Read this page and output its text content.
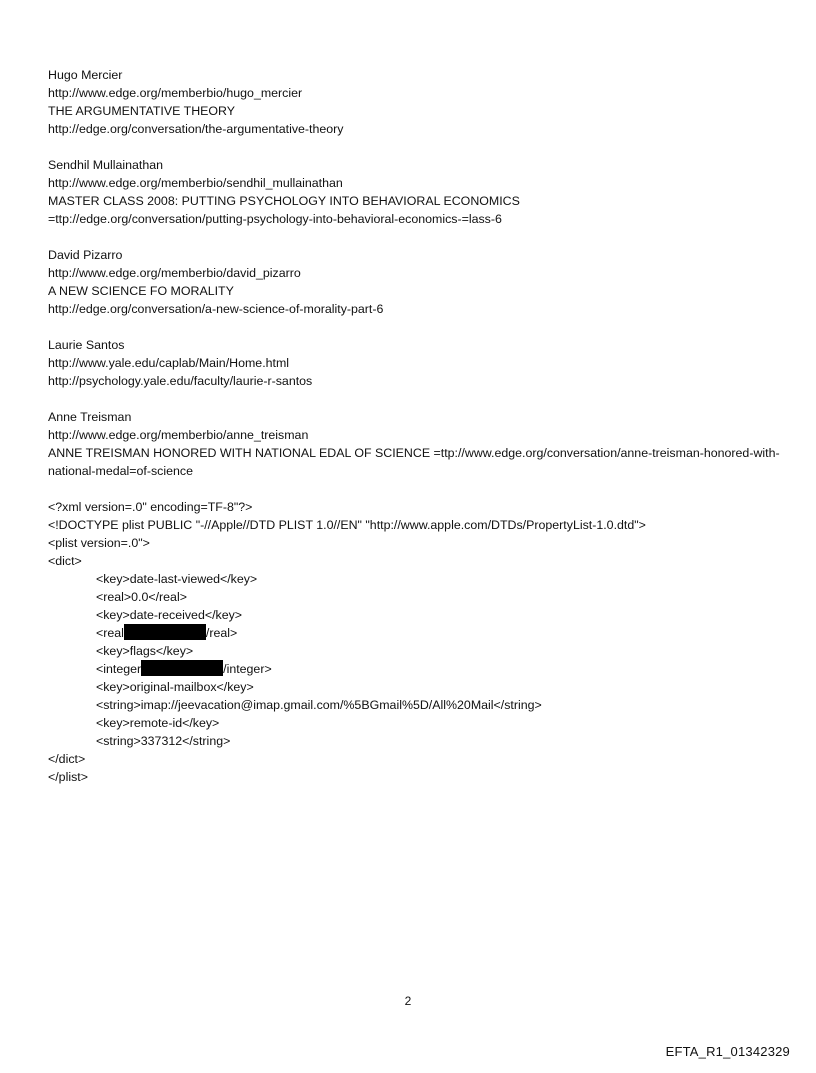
Hugo Mercier
http://www.edge.org/memberbio/hugo_mercier
THE ARGUMENTATIVE THEORY
http://edge.org/conversation/the-argumentative-theory
Sendhil Mullainathan
http://www.edge.org/memberbio/sendhil_mullainathan
MASTER CLASS 2008: PUTTING PSYCHOLOGY INTO BEHAVIORAL ECONOMICS
=ttp://edge.org/conversation/putting-psychology-into-behavioral-economics-=lass-6
David Pizarro
http://www.edge.org/memberbio/david_pizarro
A NEW SCIENCE FO MORALITY
http://edge.org/conversation/a-new-science-of-morality-part-6
Laurie Santos
http://www.yale.edu/caplab/Main/Home.html
http://psychology.yale.edu/faculty/laurie-r-santos
Anne Treisman
http://www.edge.org/memberbio/anne_treisman
ANNE TREISMAN HONORED WITH NATIONAL EDAL OF SCIENCE =ttp://www.edge.org/conversation/anne-treisman-honored-with-national-medal=of-science
<?xml version=.0" encoding=TF-8"?>
<!DOCTYPE plist PUBLIC "-//Apple//DTD PLIST 1.0//EN" "http://www.apple.com/DTDs/PropertyList-1.0.dtd">
<plist version=.0">
<dict>
<key>date-last-viewed</key>
<real>0.0</real>
<key>date-received</key>
<real	/real>
<key>flags</key>
<integer	/integer>
<key>original-mailbox</key>
<string>imap://jeevacation@imap.gmail.com/%5BGmail%5D/All%20Mail</string>
<key>remote-id</key>
<string>337312</string>
</dict>
</plist>
2
EFTA_R1_01342329
